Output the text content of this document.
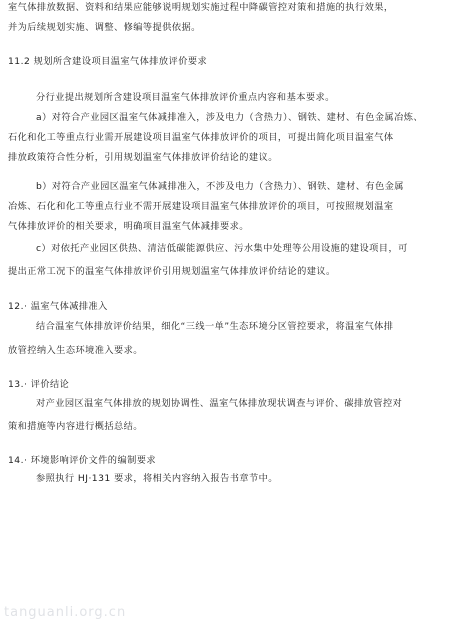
室气体排放数据、资料和结果应能够说明规划实施过程中降碳管控对策和措施的执行效果，
并为后续规划实施、调整、修编等提供依据。
11.2 规划所含建设项目温室气体排放评价要求
分行业提出规划所含建设项目温室气体排放评价重点内容和基本要求。
a）对符合产业园区温室气体减排准入，涉及电力（含热力）、钢铁、建材、有色金属冶炼、
石化和化工等重点行业需开展建设项目温室气体排放评价的项目，可提出简化项目温室气体
排放政策符合性分析，引用规划温室气体排放评价结论的建议。
b）对符合产业园区温室气体减排准入，不涉及电力（含热力）、钢铁、建材、有色金属
冶炼、石化和化工等重点行业不需开展建设项目温室气体排放评价的项目，可按照规划温室
气体排放评价的相关要求，明确项目温室气体减排要求。
c）对依托产业园区供热、清洁低碳能源供应、污水集中处理等公用设施的建设项目，可
提出正常工况下的温室气体排放评价引用规划温室气体排放评价结论的建议。
12.· 温室气体减排准入
结合温室气体排放评价结果，细化“三线一单”生态环境分区管控要求，将温室气体排
放管控纳入生态环境准入要求。
13.· 评价结论
对产业园区温室气体排放的规划协调性、温室气体排放现状调查与评价、碳排放管控对
策和措施等内容进行概括总结。
14.· 环境影响评价文件的编制要求
参照执行 HJ·131 要求，将相关内容纳入报告书章节中。
tanguanli.org.cn
